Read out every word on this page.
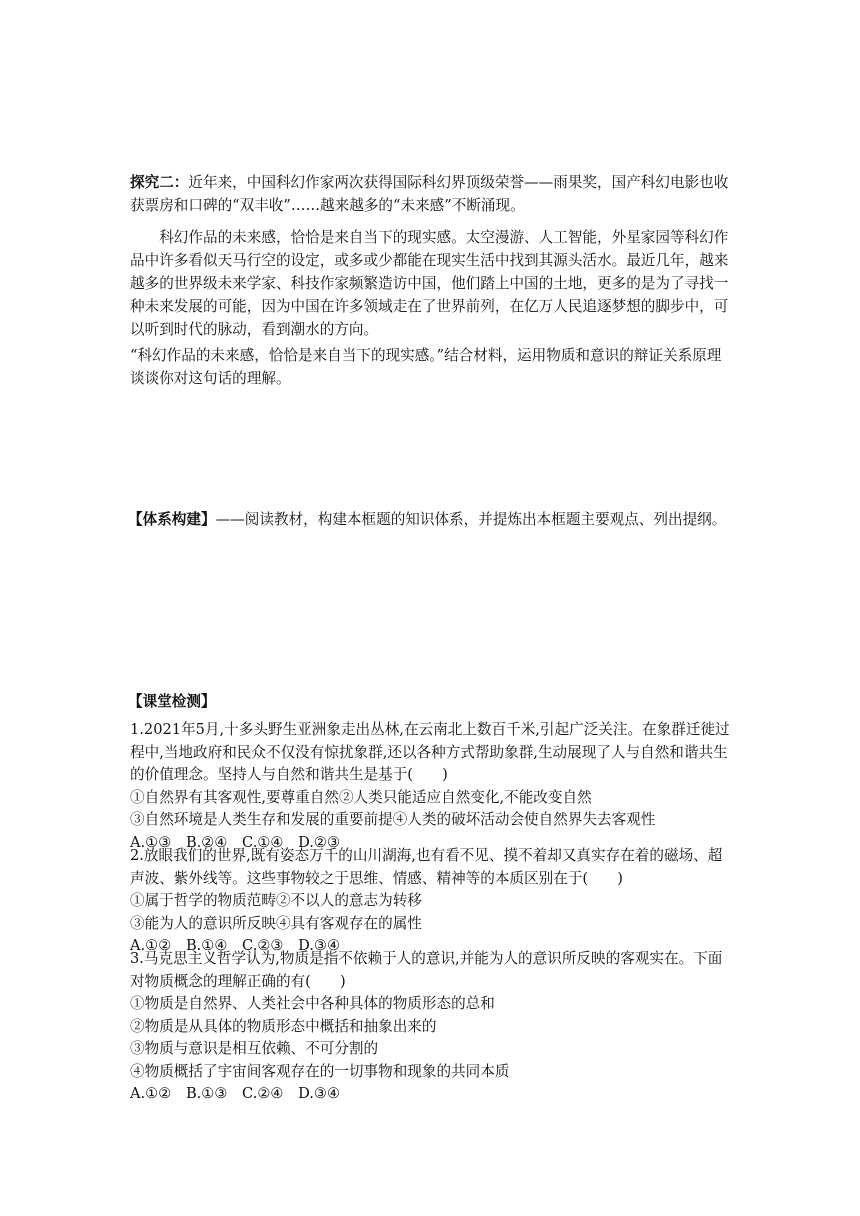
探究二：近年来，中国科幻作家两次获得国际科幻界顶级荣誉——雨果奖，国产科幻电影也收获票房和口碑的“双丰收”……越来越多的“未来感”不断涌现。

科幻作品的未来感，恰恰是来自当下的现实感。太空漫游、人工智能，外星家园等科幻作品中许多看似天马行空的设定，或多或少都能在现实生活中找到其源头活水。最近几年，越来越多的世界级未来学家、科技作家频繁造访中国，他们踏上中国的土地，更多的是为了寻找一种未来发展的可能，因为中国在许多领域走在了世界前列，在亿万人民追逐梦想的脚步中，可以听到时代的脉动，看到潮水的方向。

“科幻作品的未来感，恰恰是来自当下的现实感。”结合材料，运用物质和意识的辩证关系原理谈谈你对这句话的理解。

【体系构建】——阅读教材，构建本框题的知识体系，并提炼出本框题主要观点、列出提纲。

【课堂检测】

1.2021年5月,十多头野生亚洲象走出丛林,在云南北上数百千米,引起广泛关注。在象群迁徙过程中,当地政府和民众不仅没有惊扰象群,还以各种方式帮助象群,生动展现了人与自然和谐共生的价值理念。坚持人与自然和谐共生是基于(　　)

①自然界有其客观性,要尊重自然②人类只能适应自然变化,不能改变自然
③自然环境是人类生存和发展的重要前提④人类的破坏活动会使自然界失去客观性
A.①③　B.②④　C.①④　D.②③

2.放眼我们的世界,既有姿态万千的山川湖海,也有看不见、摸不着却又真实存在着的磁场、超声波、紫外线等。这些事物较之于思维、情感、精神等的本质区别在于(　　)

①属于哲学的物质范畴②不以人的意志为转移
③能为人的意识所反映④具有客观存在的属性
A.①②　B.①④　C.②③　D.③④

3.马克思主义哲学认为,物质是指不依赖于人的意识,并能为人的意识所反映的客观实在。下面对物质概念的理解正确的有(　　)

①物质是自然界、人类社会中各种具体的物质形态的总和
②物质是从具体的物质形态中概括和抽象出来的
③物质与意识是相互依赖、不可分割的
④物质概括了宇宙间客观存在的一切事物和现象的共同本质
A.①②　B.①③　C.②④　D.③④
